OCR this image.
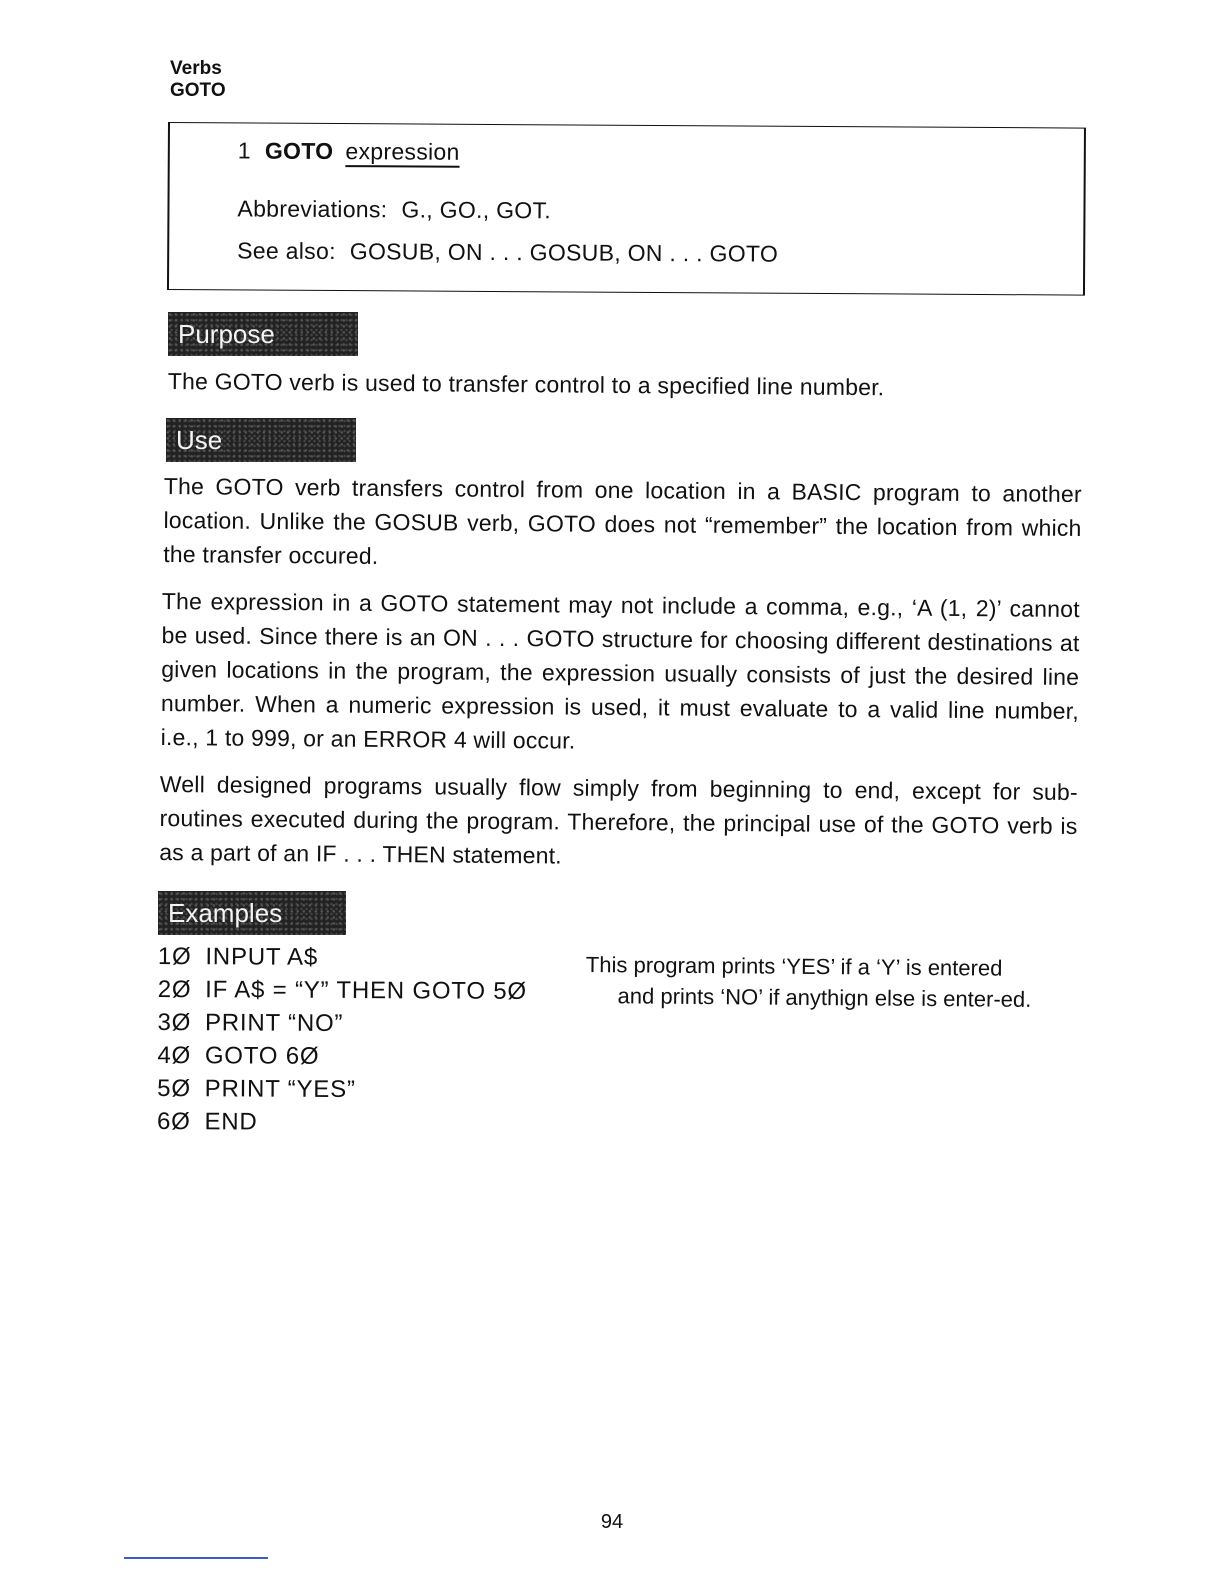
Verbs
GOTO
1 GOTO expression
Abbreviations: G., GO., GOT.
See also: GOSUB, ON . . . GOSUB, ON . . . GOTO
Purpose
The GOTO verb is used to transfer control to a specified line number.
Use
The GOTO verb transfers control from one location in a BASIC program to another location. Unlike the GOSUB verb, GOTO does not “remember” the location from which the transfer occured.
The expression in a GOTO statement may not include a comma, e.g., ‘A (1, 2)’ cannot be used. Since there is an ON . . . GOTO structure for choosing different destinations at given locations in the program, the expression usually consists of just the desired line number. When a numeric expression is used, it must evaluate to a valid line number, i.e., 1 to 999, or an ERROR 4 will occur.
Well designed programs usually flow simply from beginning to end, except for sub-routines executed during the program. Therefore, the principal use of the GOTO verb is as a part of an IF . . . THEN statement.
Examples
1Ø INPUT A$
2Ø IF A$ = “Y” THEN GOTO 5Ø
3Ø PRINT “NO”
4Ø GOTO 6Ø
5Ø PRINT “YES”
6Ø END
This program prints ‘YES’ if a ‘Y’ is entered
and prints ‘NO’ if anythign else is enter-ed.
94
